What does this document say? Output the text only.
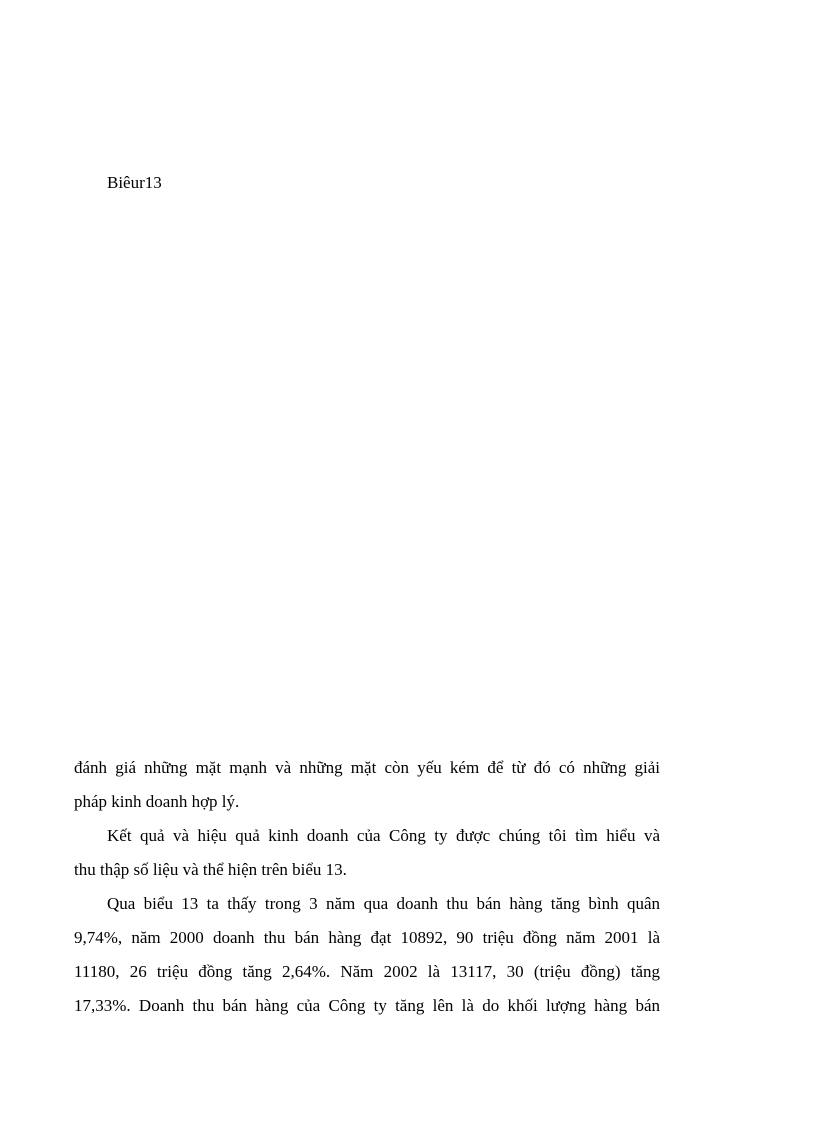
Biêur13
đánh giá những mặt mạnh và những mặt còn yếu kém để từ đó có những giải
pháp kinh doanh hợp lý.
Kết quả và hiệu quả kinh doanh của Công ty được chúng tôi tìm hiểu và
thu thập số liệu và thể hiện trên biểu 13.
Qua biểu 13 ta thấy trong 3 năm qua doanh thu bán hàng tăng bình quân
9,74%, năm 2000 doanh thu bán hàng đạt 10892, 90 triệu đồng năm 2001 là
11180, 26 triệu đồng tăng 2,64%. Năm 2002 là 13117, 30 (triệu đồng) tăng
17,33%. Doanh thu bán hàng của Công ty tăng lên là do khối lượng hàng bán
